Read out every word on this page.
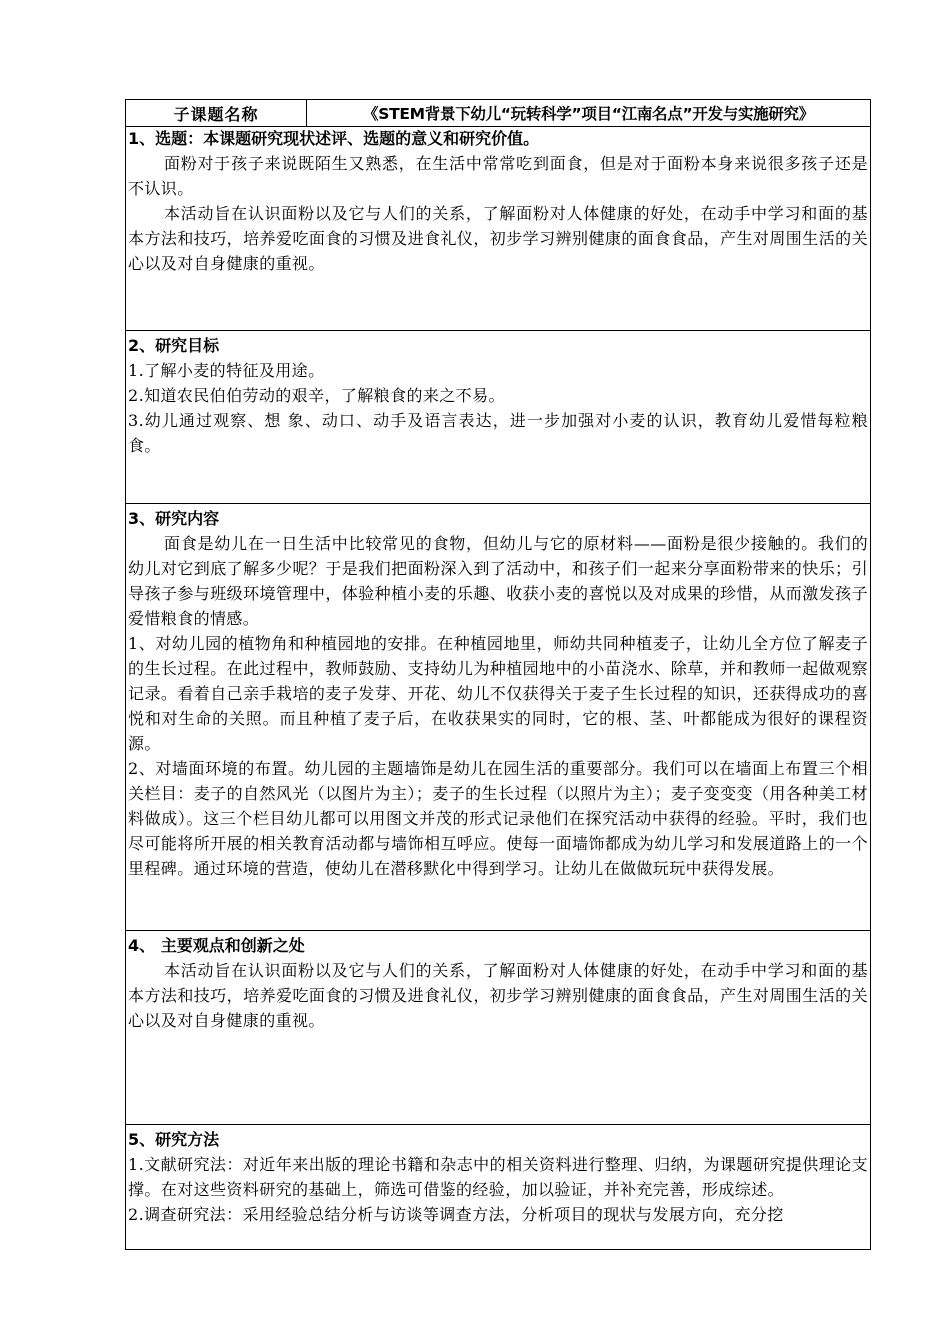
子课题名称	《STEM背景下幼儿“玩转科学”项目“江南名点”开发与实施研究》

1、选题：本课题研究现状述评、选题的意义和研究价值。

面粉对于孩子来说既陌生又熟悉，在生活中常常吃到面食，但是对于面粉本身来说很多孩子还是不认识。

本活动旨在认识面粉以及它与人们的关系，了解面粉对人体健康的好处，在动手中学习和面的基本方法和技巧，培养爱吃面食的习惯及进食礼仪，初步学习辨别健康的面食食品，产生对周围生活的关心以及对自身健康的重视。

2、研究目标

1.了解小麦的特征及用途。

2.知道农民伯伯劳动的艰辛，了解粮食的来之不易。

3.幼儿通过观察、想 象、动口、动手及语言表达，进一步加强对小麦的认识，教育幼儿爱惜每粒粮食。

3、研究内容

面食是幼儿在一日生活中比较常见的食物，但幼儿与它的原材料——面粉是很少接触的。我们的幼儿对它到底了解多少呢？于是我们把面粉深入到了活动中，和孩子们一起来分享面粉带来的快乐；引导孩子参与班级环境管理中，体验种植小麦的乐趣、收获小麦的喜悦以及对成果的珍惜，从而激发孩子爱惜粮食的情感。

1、对幼儿园的植物角和种植园地的安排。在种植园地里，师幼共同种植麦子，让幼儿全方位了解麦子的生长过程。在此过程中，教师鼓励、支持幼儿为种植园地中的小苗浇水、除草，并和教师一起做观察记录。看着自己亲手栽培的麦子发芽、开花、幼儿不仅获得关于麦子生长过程的知识，还获得成功的喜悦和对生命的关照。而且种植了麦子后，在收获果实的同时，它的根、茎、叶都能成为很好的课程资源。

2、对墙面环境的布置。幼儿园的主题墙饰是幼儿在园生活的重要部分。我们可以在墙面上布置三个相关栏目：麦子的自然风光（以图片为主）；麦子的生长过程（以照片为主）；麦子变变变（用各种美工材料做成）。这三个栏目幼儿都可以用图文并茂的形式记录他们在探究活动中获得的经验。平时，我们也尽可能将所开展的相关教育活动都与墙饰相互呼应。使每一面墙饰都成为幼儿学习和发展道路上的一个里程碑。通过环境的营造，使幼儿在潜移默化中得到学习。让幼儿在做做玩玩中获得发展。

4、 主要观点和创新之处

本活动旨在认识面粉以及它与人们的关系，了解面粉对人体健康的好处，在动手中学习和面的基本方法和技巧，培养爱吃面食的习惯及进食礼仪，初步学习辨别健康的面食食品，产生对周围生活的关心以及对自身健康的重视。

5、研究方法

1.文献研究法：对近年来出版的理论书籍和杂志中的相关资料进行整理、归纳，为课题研究提供理论支撑。在对这些资料研究的基础上，筛选可借鉴的经验，加以验证，并补充完善，形成综述。

2.调查研究法：采用经验总结分析与访谈等调查方法，分析项目的现状与发展方向，充分挖
